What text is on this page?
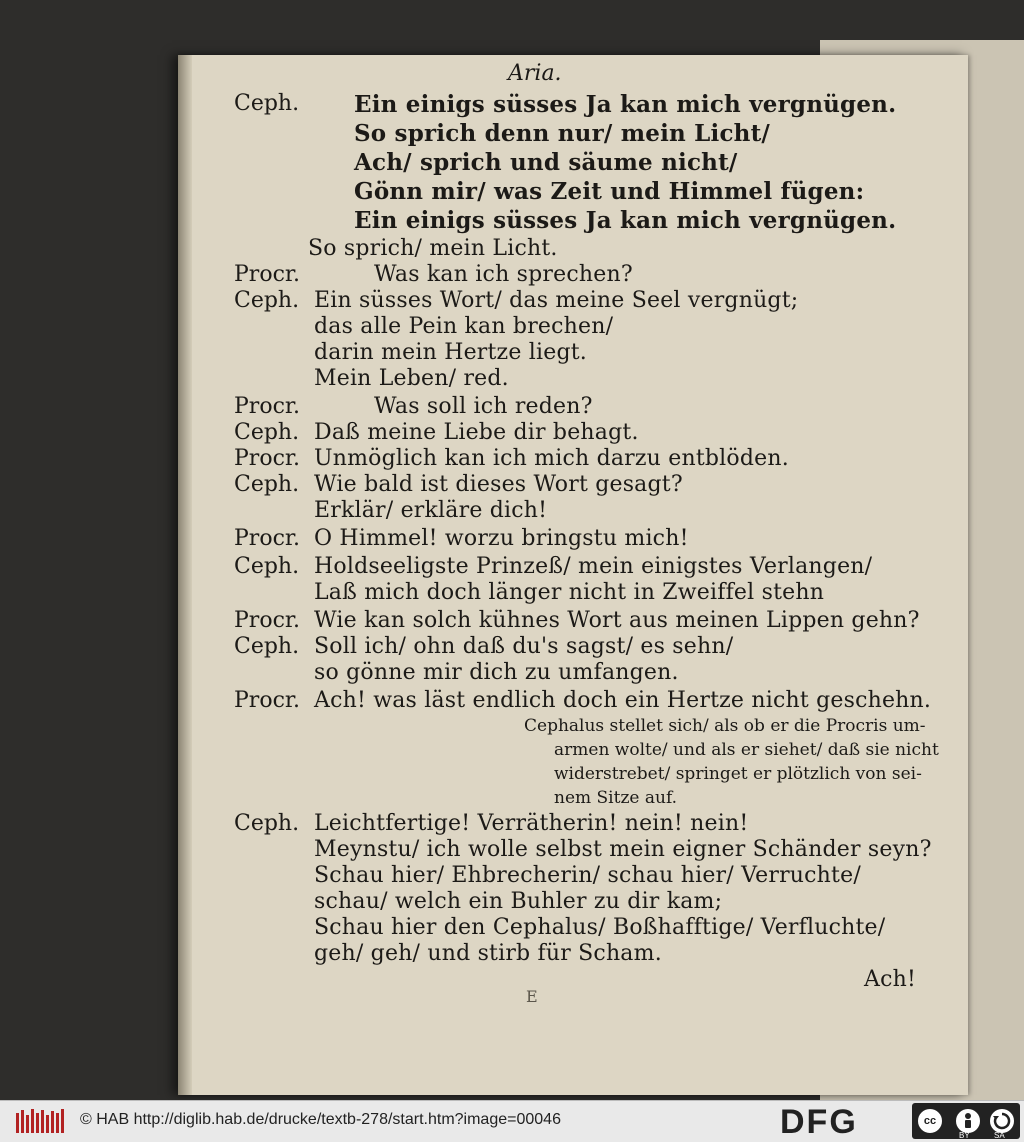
Aria.
Ceph. Ein einigs süsses Ja kan mich vergnügen.
So sprich denn nur/ mein Licht/
Ach/ sprich und säume nicht/
Gönn mir/ was Zeit und Himmel fügen:
Ein einigs süsses Ja kan mich vergnügen.
So sprich/ mein Licht.
Procr.	Was kan ich sprechen?
Ceph. Ein süsses Wort/ das meine Seel vergnügt;
das alle Pein kan brechen/
darin mein Hertze liegt.
Mein Leben/ red.
Procr.	Was soll ich reden?
Ceph. Daß meine Liebe dir behagt.
Procr. Unmöglich kan ich mich darzu entblöden.
Ceph. Wie bald ist dieses Wort gesagt?
Erklär/ erkläre dich!
Procr. O Himmel! worzu bringstu mich!
Ceph. Holdseeligste Prinzeß/ mein einigstes Verlangen/
Laß mich doch länger nicht in Zweiffel stehn
Procr. Wie kan solch kühnes Wort aus meinen Lippen gehn?
Ceph. Soll ich/ ohn daß du's sagst/ es sehn/
so gönne mir dich zu umfangen.
Procr. Ach! was läst endlich doch ein Hertze nicht geschehn.
Cephalus stellet sich/ als ob er die Procris um-
armen wolte/ und als er siehet/ daß sie nicht
widerstrebet/ springet er plötzlich von sei-
nem Sitze auf.
Ceph. Leichtfertige! Verrätherin! nein! nein!
Meynstu/ ich wolle selbst mein eigner Schänder seyn?
Schau hier/ Ehbrecherin/ schau hier/ Verruchte/
schau/ welch ein Buhler zu dir kam;
Schau hier den Cephalus/ Boßhafftige/ Verfluchte/
geh/ geh/ und stirb für Scham.
Ach!
E
© HAB http://diglib.hab.de/drucke/textb-278/start.htm?image=00046	DFG	cc
BY	SA
